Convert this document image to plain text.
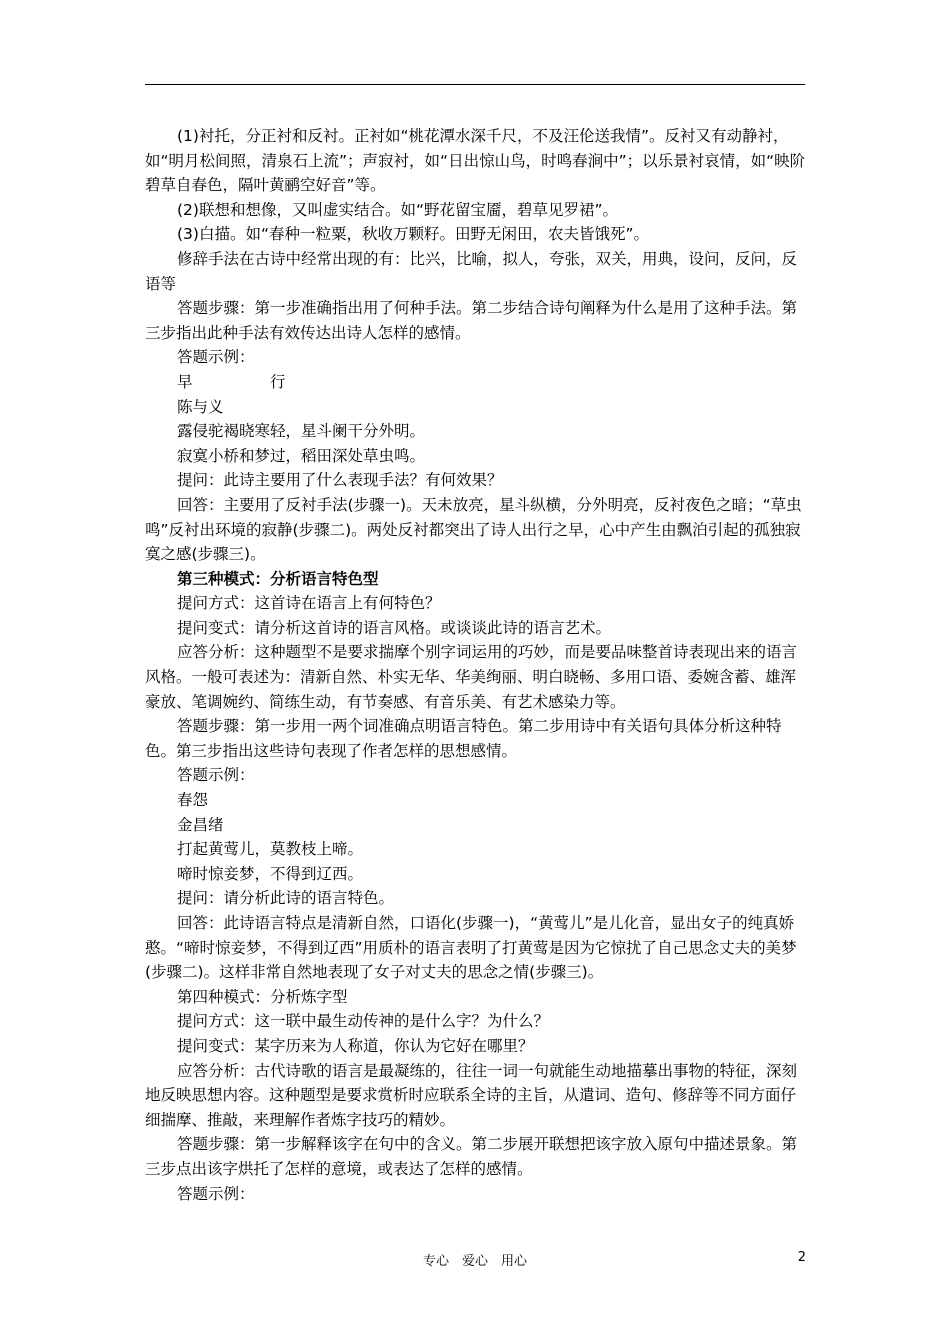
(1)衬托，分正衬和反衬。正衬如“桃花潭水深千尺，不及汪伦送我情”。反衬又有动静衬，如“明月松间照，清泉石上流”；声寂衬，如“日出惊山鸟，时鸣春涧中”；以乐景衬哀情，如“映阶碧草自春色，隔叶黄鹂空好音”等。

(2)联想和想像，又叫虚实结合。如“野花留宝靥，碧草见罗裙”。

(3)白描。如“春种一粒粟，秋收万颗籽。田野无闲田，农夫皆饿死”。

修辞手法在古诗中经常出现的有：比兴，比喻，拟人，夸张，双关，用典，设问，反问，反语等

答题步骤：第一步准确指出用了何种手法。第二步结合诗句阐释为什么是用了这种手法。第三步指出此种手法有效传达出诗人怎样的感情。

答题示例：

早　　　　　行

陈与义

露侵驼褐晓寒轻，星斗阑干分外明。

寂寞小桥和梦过，稻田深处草虫鸣。

提问：此诗主要用了什么表现手法？有何效果？

回答：主要用了反衬手法(步骤一)。天未放亮，星斗纵横，分外明亮，反衬夜色之暗；“草虫鸣”反衬出环境的寂静(步骤二)。两处反衬都突出了诗人出行之早，心中产生由飘泊引起的孤独寂寞之感(步骤三)。

第三种模式：分析语言特色型

提问方式：这首诗在语言上有何特色？

提问变式：请分析这首诗的语言风格。或谈谈此诗的语言艺术。

应答分析：这种题型不是要求揣摩个别字词运用的巧妙，而是要品味整首诗表现出来的语言风格。一般可表述为：清新自然、朴实无华、华美绚丽、明白晓畅、多用口语、委婉含蓄、雄浑豪放、笔调婉约、简练生动，有节奏感、有音乐美、有艺术感染力等。

答题步骤：第一步用一两个词准确点明语言特色。第二步用诗中有关语句具体分析这种特色。第三步指出这些诗句表现了作者怎样的思想感情。

答题示例：

春怨

金昌绪

打起黄莺儿，莫教枝上啼。

啼时惊妾梦，不得到辽西。

提问：请分析此诗的语言特色。

回答：此诗语言特点是清新自然，口语化(步骤一)，“黄莺儿”是儿化音，显出女子的纯真娇憨。“啼时惊妾梦，不得到辽西”用质朴的语言表明了打黄莺是因为它惊扰了自己思念丈夫的美梦(步骤二)。这样非常自然地表现了女子对丈夫的思念之情(步骤三)。

第四种模式：分析炼字型

提问方式：这一联中最生动传神的是什么字？为什么？

提问变式：某字历来为人称道，你认为它好在哪里？

应答分析：古代诗歌的语言是最凝练的，往往一词一句就能生动地描摹出事物的特征，深刻地反映思想内容。这种题型是要求赏析时应联系全诗的主旨，从遣词、造句、修辞等不同方面仔细揣摩、推敲，来理解作者炼字技巧的精妙。

答题步骤：第一步解释该字在句中的含义。第二步展开联想把该字放入原句中描述景象。第三步点出该字烘托了怎样的意境，或表达了怎样的感情。

答题示例：

专心　爱心　用心	2
